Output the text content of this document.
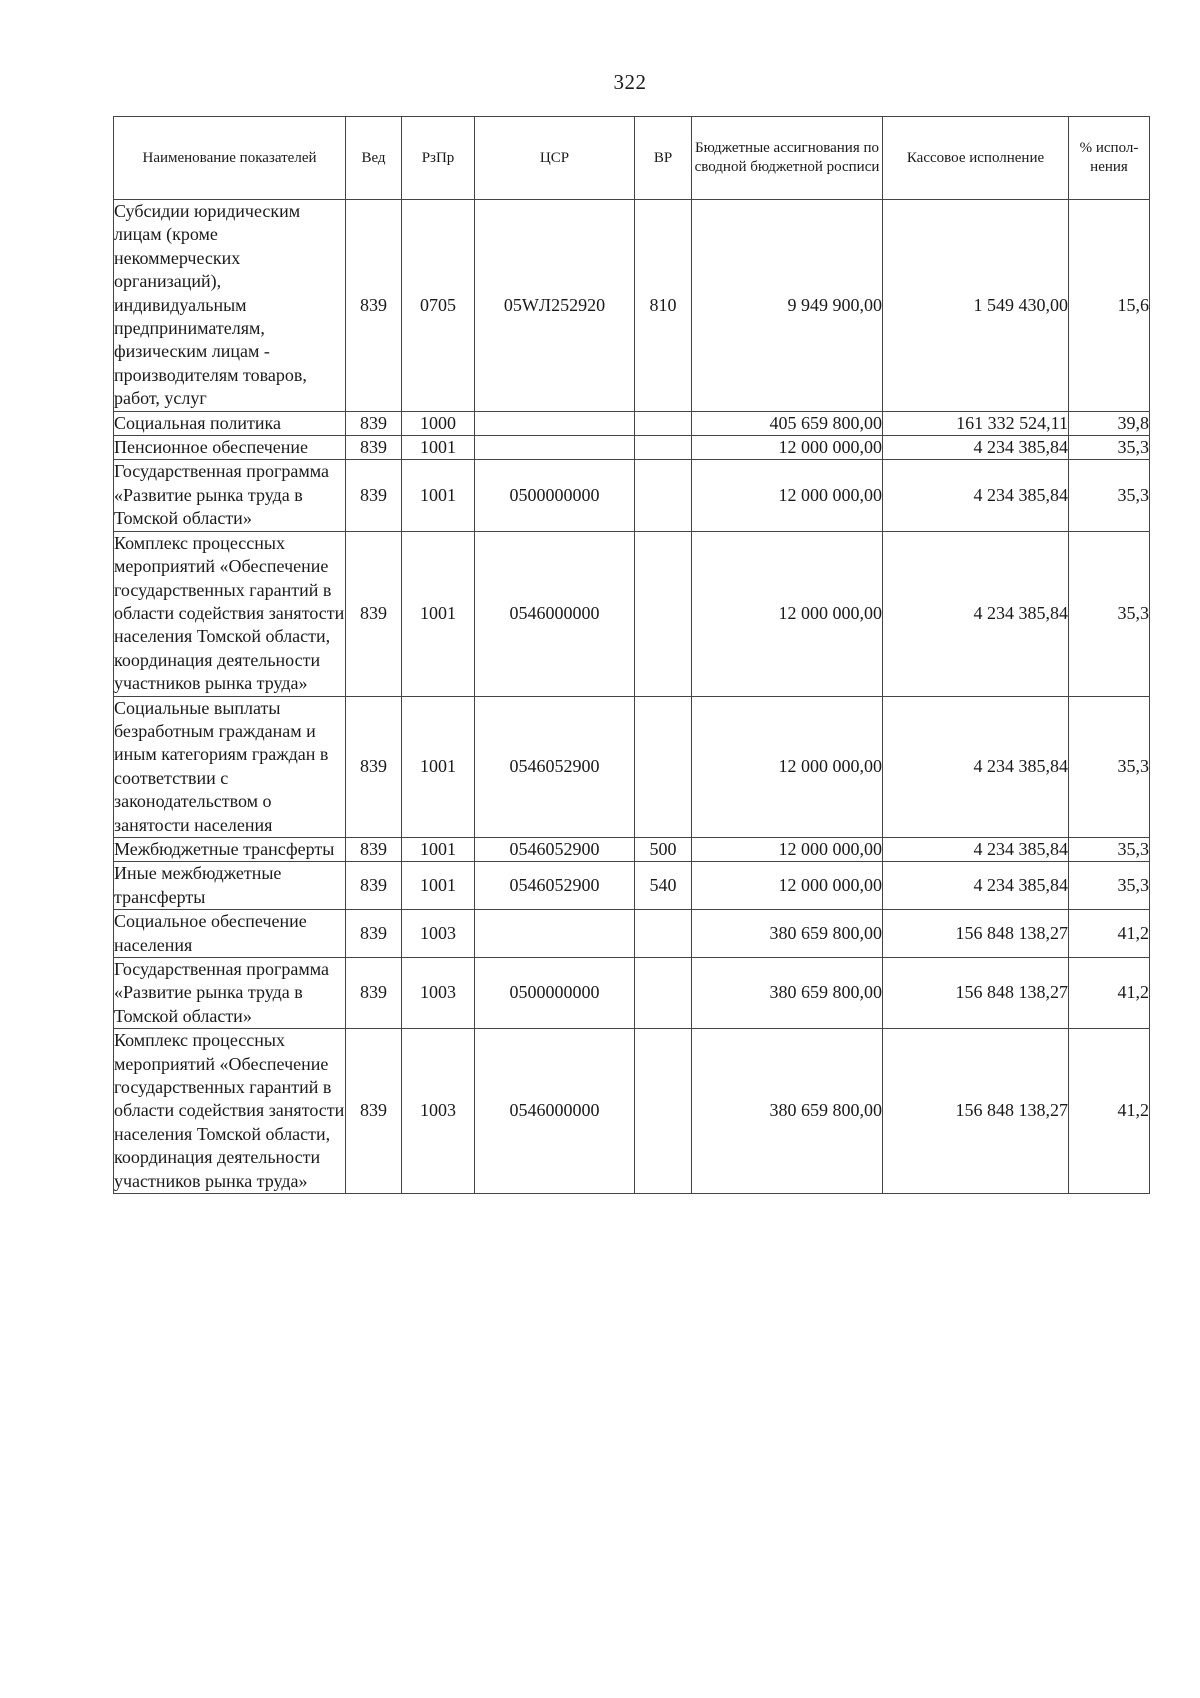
322
Наименование показателей	Вед	РзПр	ЦСР	ВР	Бюджетные ассигнования по сводной бюджетной росписи	Кассовое исполнение	% испол-нения
Субсидии юридическим лицам (кроме некоммерческих организаций), индивидуальным предпринимателям, физическим лицам - производителям товаров, работ, услуг	839	0705	05WЛ252920	810	9 949 900,00	1 549 430,00	15,6
Социальная политика	839	1000			405 659 800,00	161 332 524,11	39,8
Пенсионное обеспечение	839	1001			12 000 000,00	4 234 385,84	35,3
Государственная программа «Развитие рынка труда в Томской области»	839	1001	0500000000		12 000 000,00	4 234 385,84	35,3
Комплекс процессных мероприятий «Обеспечение государственных гарантий в области содействия занятости населения Томской области, координация деятельности участников рынка труда»	839	1001	0546000000		12 000 000,00	4 234 385,84	35,3
Социальные выплаты безработным гражданам и иным категориям граждан в соответствии с законодательством о занятости населения	839	1001	0546052900		12 000 000,00	4 234 385,84	35,3
Межбюджетные трансферты	839	1001	0546052900	500	12 000 000,00	4 234 385,84	35,3
Иные межбюджетные трансферты	839	1001	0546052900	540	12 000 000,00	4 234 385,84	35,3
Социальное обеспечение населения	839	1003			380 659 800,00	156 848 138,27	41,2
Государственная программа «Развитие рынка труда в Томской области»	839	1003	0500000000		380 659 800,00	156 848 138,27	41,2
Комплекс процессных мероприятий «Обеспечение государственных гарантий в области содействия занятости населения Томской области, координация деятельности участников рынка труда»	839	1003	0546000000		380 659 800,00	156 848 138,27	41,2
